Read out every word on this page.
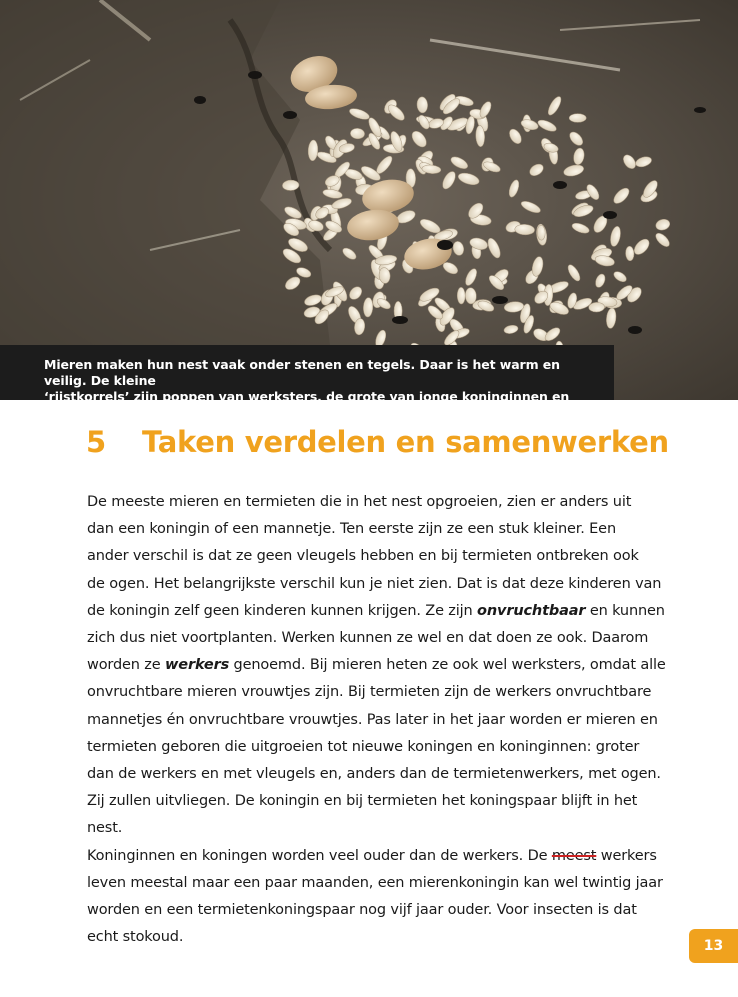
Mieren maken hun nest vaak onder stenen en tegels. Daar is het warm en veilig. De kleine
‘rijstkorrels’ zijn poppen van werksters, de grote van jonge koninginnen en mannetjes.
5 Taken verdelen en samenwerken

De meeste mieren en termieten die in het nest opgroeien, zien er anders uit

dan een koningin of een mannetje. Ten eerste zijn ze een stuk kleiner. Een

ander verschil is dat ze geen vleugels hebben en bij termieten ontbreken ook

de ogen. Het belangrijkste verschil kun je niet zien. Dat is dat deze kinderen van

de koningin zelf geen kinderen kunnen krijgen. Ze zijn onvruchtbaar en kunnen

zich dus niet voortplanten. Werken kunnen ze wel en dat doen ze ook. Daarom

worden ze werkers genoemd. Bij mieren heten ze ook wel werksters, omdat alle

onvruchtbare mieren vrouwtjes zijn. Bij termieten zijn de werkers onvruchtbare

mannetjes én onvruchtbare vrouwtjes. Pas later in het jaar worden er mieren en

termieten geboren die uitgroeien tot nieuwe koningen en koninginnen: groter

dan de werkers en met vleugels en, anders dan de termietenwerkers, met ogen.

Zij zullen uitvliegen. De koningin en bij termieten het koningspaar blijft in het

nest.

Koninginnen en koningen worden veel ouder dan de werkers. De meest werkers

leven meestal maar een paar maanden, een mierenkoningin kan wel twintig jaar

worden en een termietenkoningspaar nog vijf jaar ouder. Voor insecten is dat

echt stokoud.

13
